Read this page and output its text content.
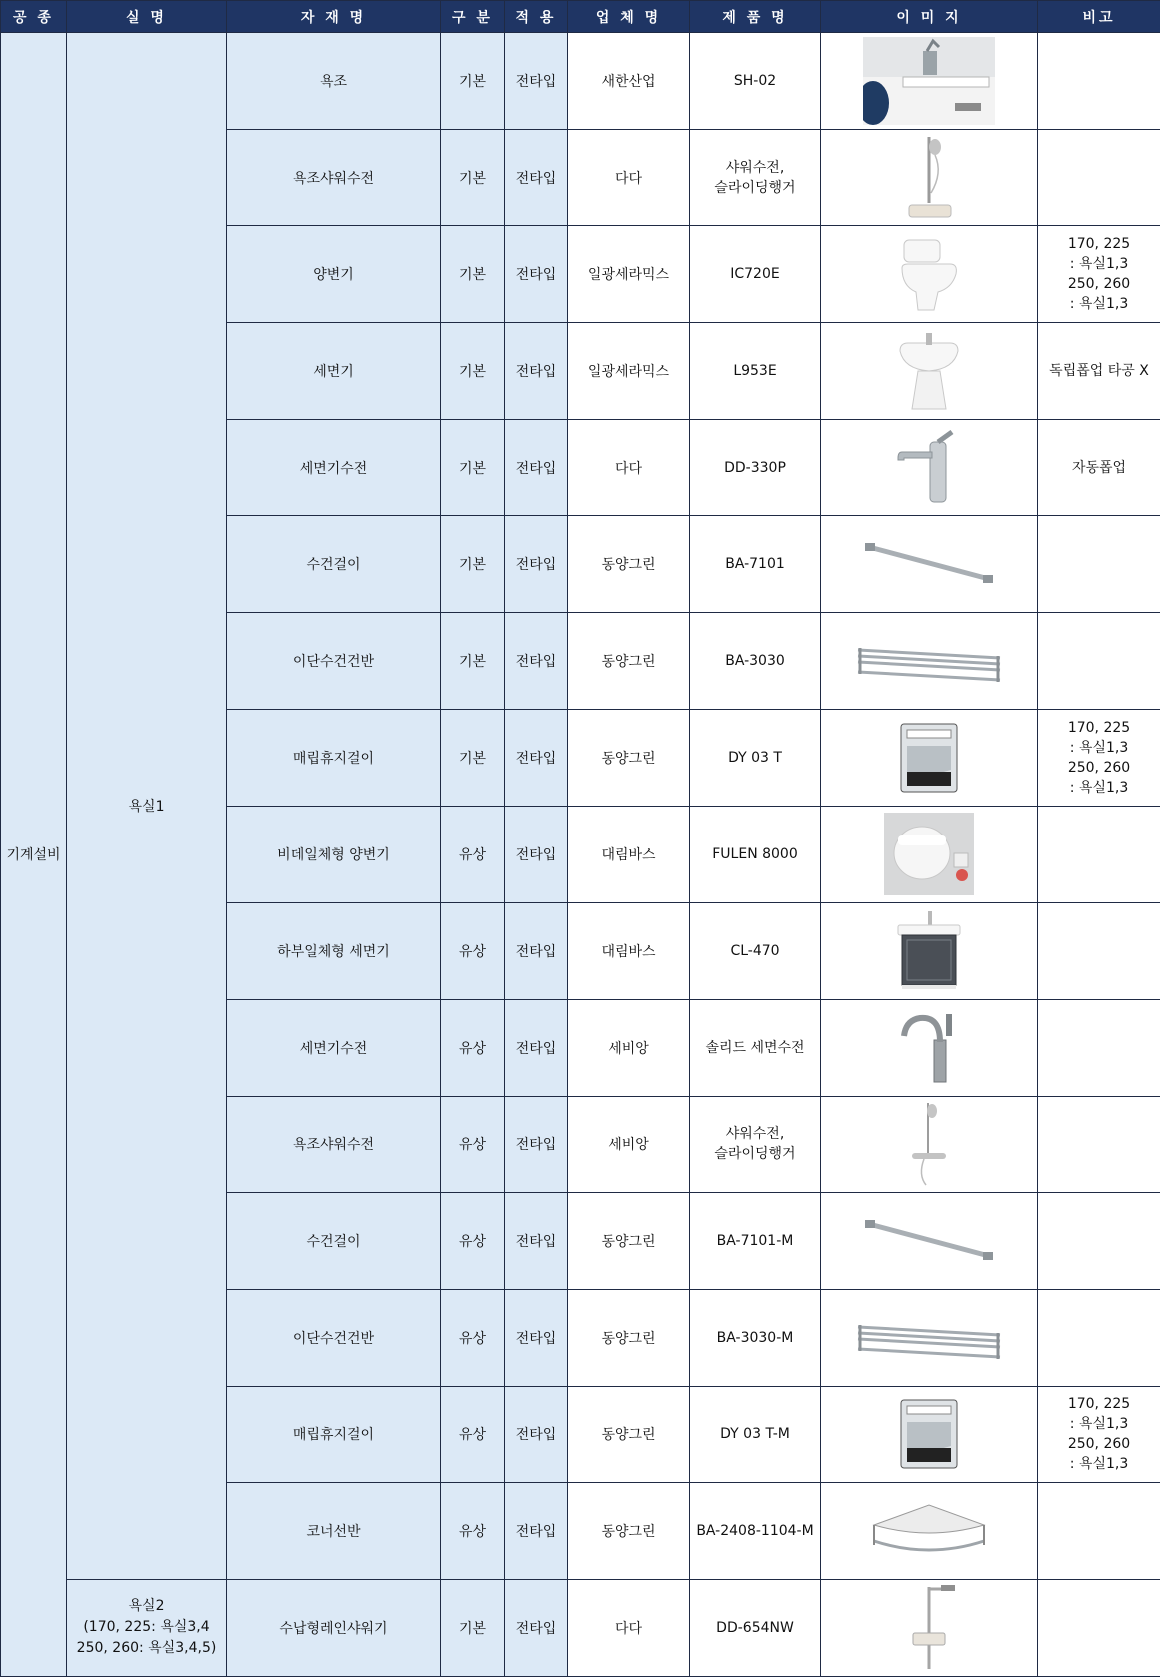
공 종	실 명	자 재 명	구 분	적 용	업 체 명	제 품 명	이 미 지	비고
기계설비	욕실1	욕조	기본	전타입	새한산업	SH-02	

		욕조샤워수전	기본	전타입	다다	샤워수전,
슬라이딩행거	

		양변기	기본	전타입	일광세라믹스	IC720E		170, 225
: 욕실1,3
250, 260
: 욕실1,3
		세면기	기본	전타입	일광세라믹스	L953E		독립폽업 타공 X
		세면기수전	기본	전타입	다다	DD-330P		자동폽업
		수건걸이	기본	전타입	동양그린	BA-7101	

		이단수건건반	기본	전타입	동양그린	BA-3030	

		매립휴지걸이	기본	전타입	동양그린	DY 03 T		170, 225
: 욕실1,3
250, 260
: 욕실1,3
		비데일체형 양변기	유상	전타입	대림바스	FULEN 8000	

		하부일체형 세면기	유상	전타입	대림바스	CL-470	

		세면기수전	유상	전타입	세비앙	솔리드 세면수전	

		욕조샤워수전	유상	전타입	세비앙	샤워수전,
슬라이딩행거	

		수건걸이	유상	전타입	동양그린	BA-7101-M	

		이단수건건반	유상	전타입	동양그린	BA-3030-M	

		매립휴지걸이	유상	전타입	동양그린	DY 03 T-M		170, 225
: 욕실1,3
250, 260
: 욕실1,3
		코너선반	유상	전타입	동양그린	BA-2408-1104-M	

	욕실2
(170, 225: 욕실3,4
250, 260: 욕실3,4,5)	수납형레인샤워기	기본	전타입	다다	DD-654NW	
